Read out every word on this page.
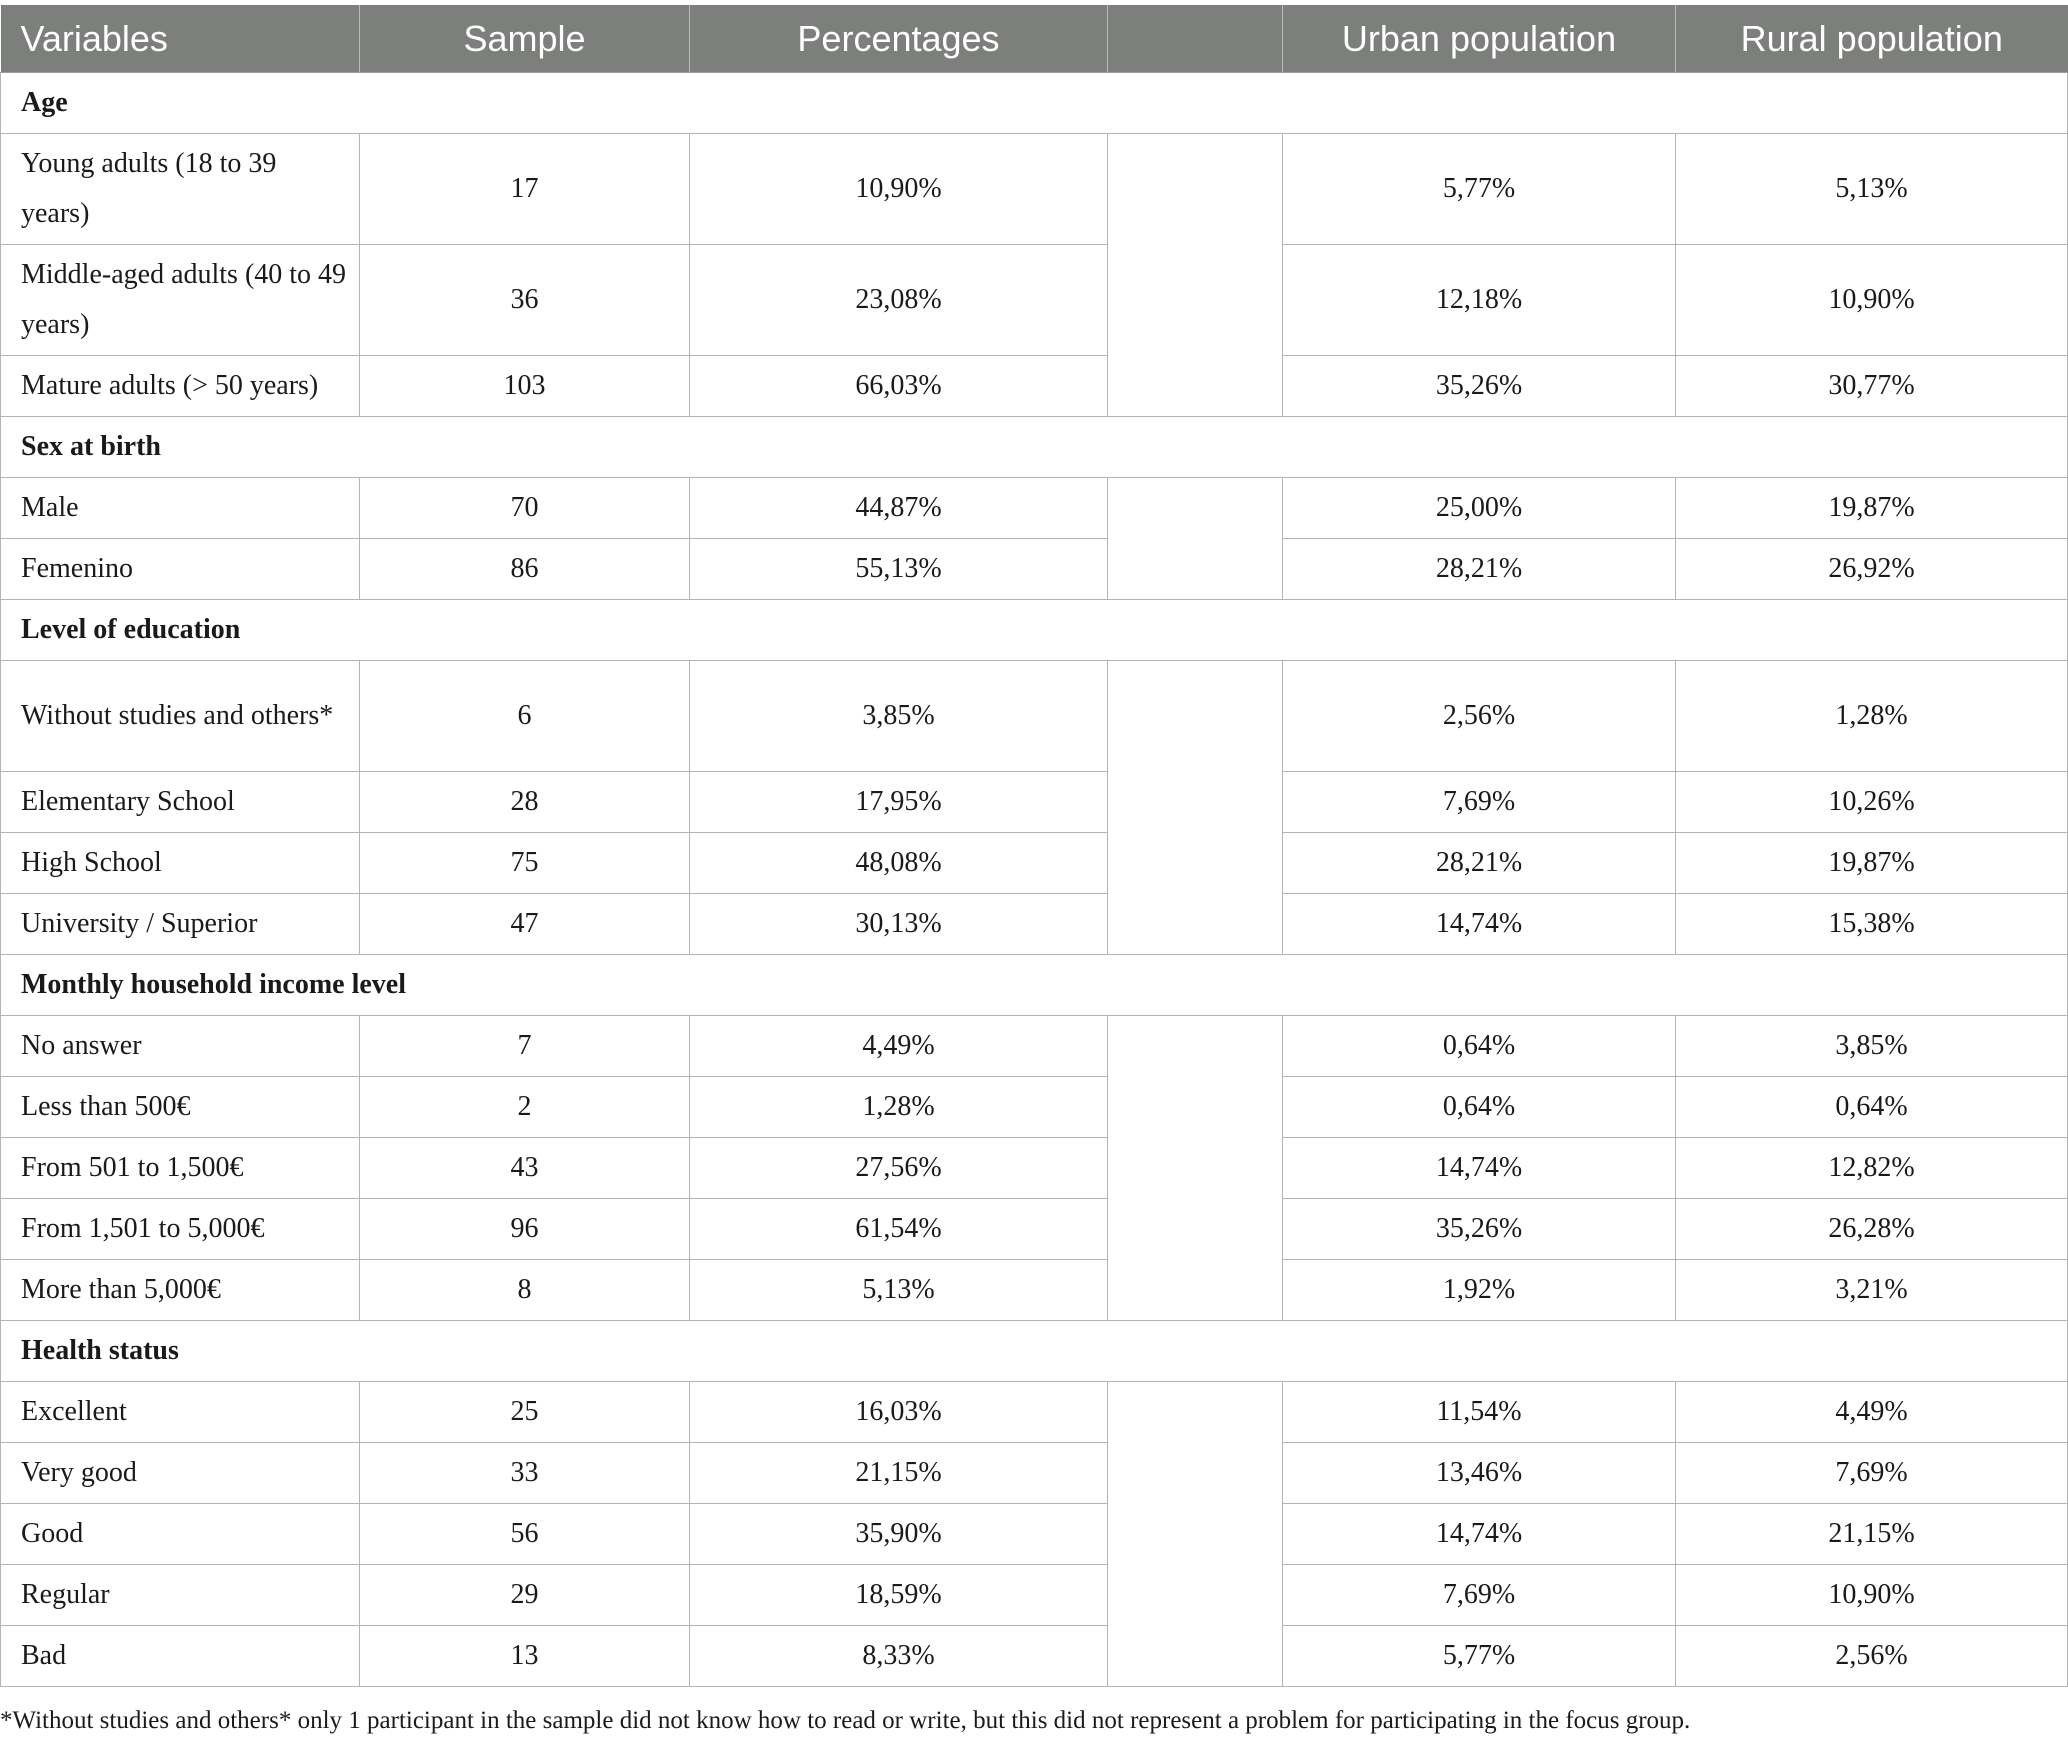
Variables	Sample	Percentages		Urban population	Rural population
Age					
Young adults (18 to 39 years)	17	10,90%		5,77%	5,13%
Middle-aged adults (40 to 49 years)	36	23,08%		12,18%	10,90%
Mature adults (> 50 years)	103	66,03%		35,26%	30,77%
Sex at birth					
Male	70	44,87%		25,00%	19,87%
Femenino	86	55,13%		28,21%	26,92%
Level of education					
Without studies and others*	6	3,85%		2,56%	1,28%
Elementary School	28	17,95%		7,69%	10,26%
High School	75	48,08%		28,21%	19,87%
University / Superior	47	30,13%		14,74%	15,38%
Monthly household income level					
No answer	7	4,49%		0,64%	3,85%
Less than 500€	2	1,28%		0,64%	0,64%
From 501 to 1,500€	43	27,56%		14,74%	12,82%
From 1,501 to 5,000€	96	61,54%		35,26%	26,28%
More than 5,000€	8	5,13%		1,92%	3,21%
Health status					
Excellent	25	16,03%		11,54%	4,49%
Very good	33	21,15%		13,46%	7,69%
Good	56	35,90%		14,74%	21,15%
Regular	29	18,59%		7,69%	10,90%
Bad	13	8,33%		5,77%	2,56%
*Without studies and others* only 1 participant in the sample did not know how to read or write, but this did not represent a problem for participating in the focus group.
